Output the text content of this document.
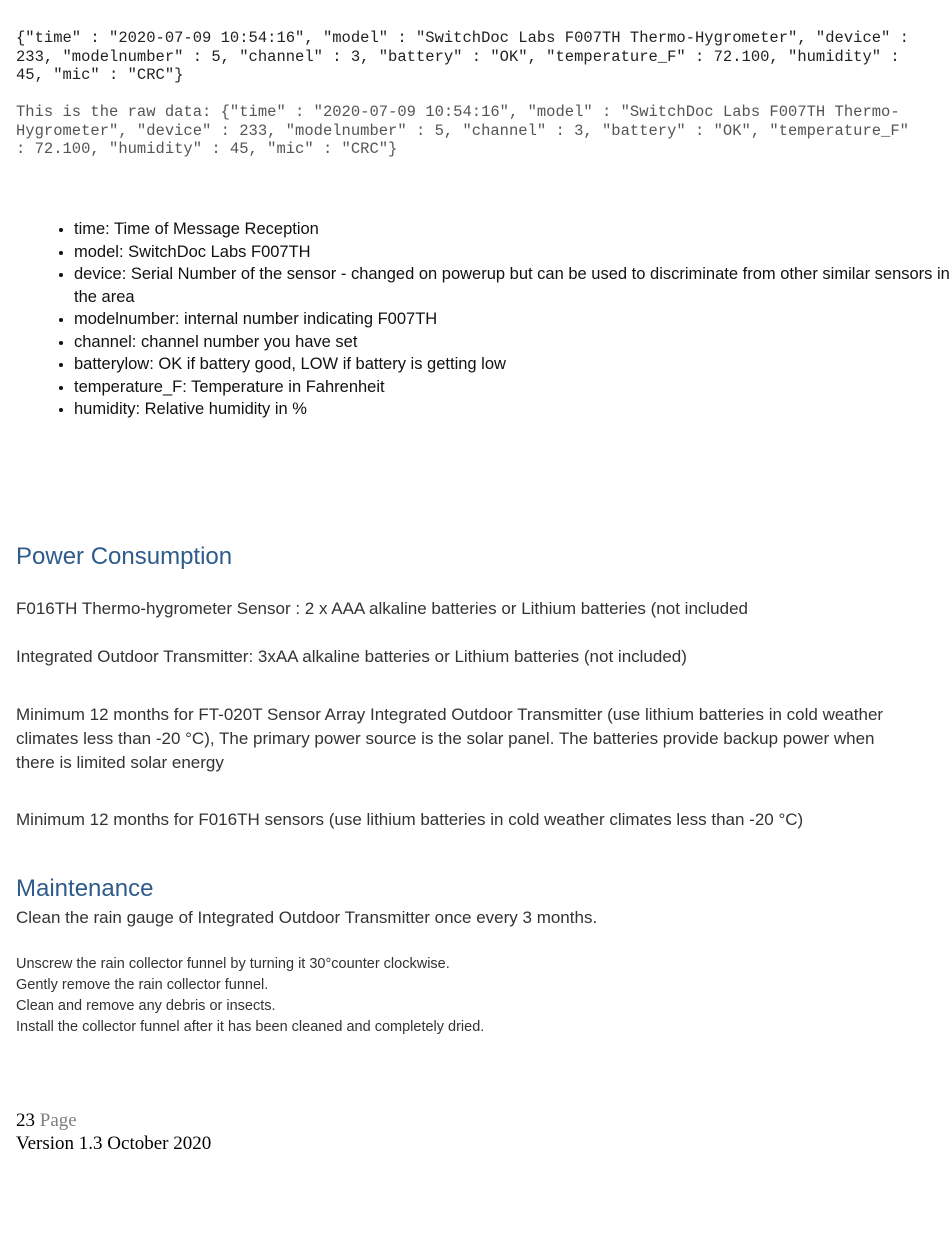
{"time" : "2020-07-09 10:54:16", "model" : "SwitchDoc Labs F007TH Thermo-Hygrometer", "device" : 233, "modelnumber" : 5, "channel" : 3, "battery" : "OK", "temperature_F" : 72.100, "humidity" : 45, "mic" : "CRC"}
This is the raw data: {"time" : "2020-07-09 10:54:16", "model" : "SwitchDoc Labs F007TH Thermo-Hygrometer", "device" : 233, "modelnumber" : 5, "channel" : 3, "battery" : "OK", "temperature_F" : 72.100, "humidity" : 45, "mic" : "CRC"}
• time: Time of Message Reception
• model: SwitchDoc Labs F007TH
• device: Serial Number of the sensor - changed on powerup but can be used to discriminate from other similar sensors in the area
• modelnumber: internal number indicating F007TH
• channel: channel number you have set
• batterylow: OK if battery good, LOW if battery is getting low
• temperature_F: Temperature in Fahrenheit
• humidity: Relative humidity in %
Power Consumption

F016TH Thermo-hygrometer Sensor : 2 x AAA alkaline batteries or Lithium batteries (not included

Integrated Outdoor Transmitter: 3xAA alkaline batteries or Lithium batteries (not included)

Minimum 12 months for FT-020T Sensor Array Integrated Outdoor Transmitter (use lithium batteries in cold weather climates less than -20 °C), The primary power source is the solar panel. The batteries provide backup power when there is limited solar energy

Minimum 12 months for F016TH sensors (use lithium batteries in cold weather climates less than -20 °C)

Maintenance

Clean the rain gauge of Integrated Outdoor Transmitter once every 3 months.

Unscrew the rain collector funnel by turning it 30°counter clockwise.
Gently remove the rain collector funnel.
Clean and remove any debris or insects.
Install the collector funnel after it has been cleaned and completely dried.
23 Page
Version 1.3 October 2020
